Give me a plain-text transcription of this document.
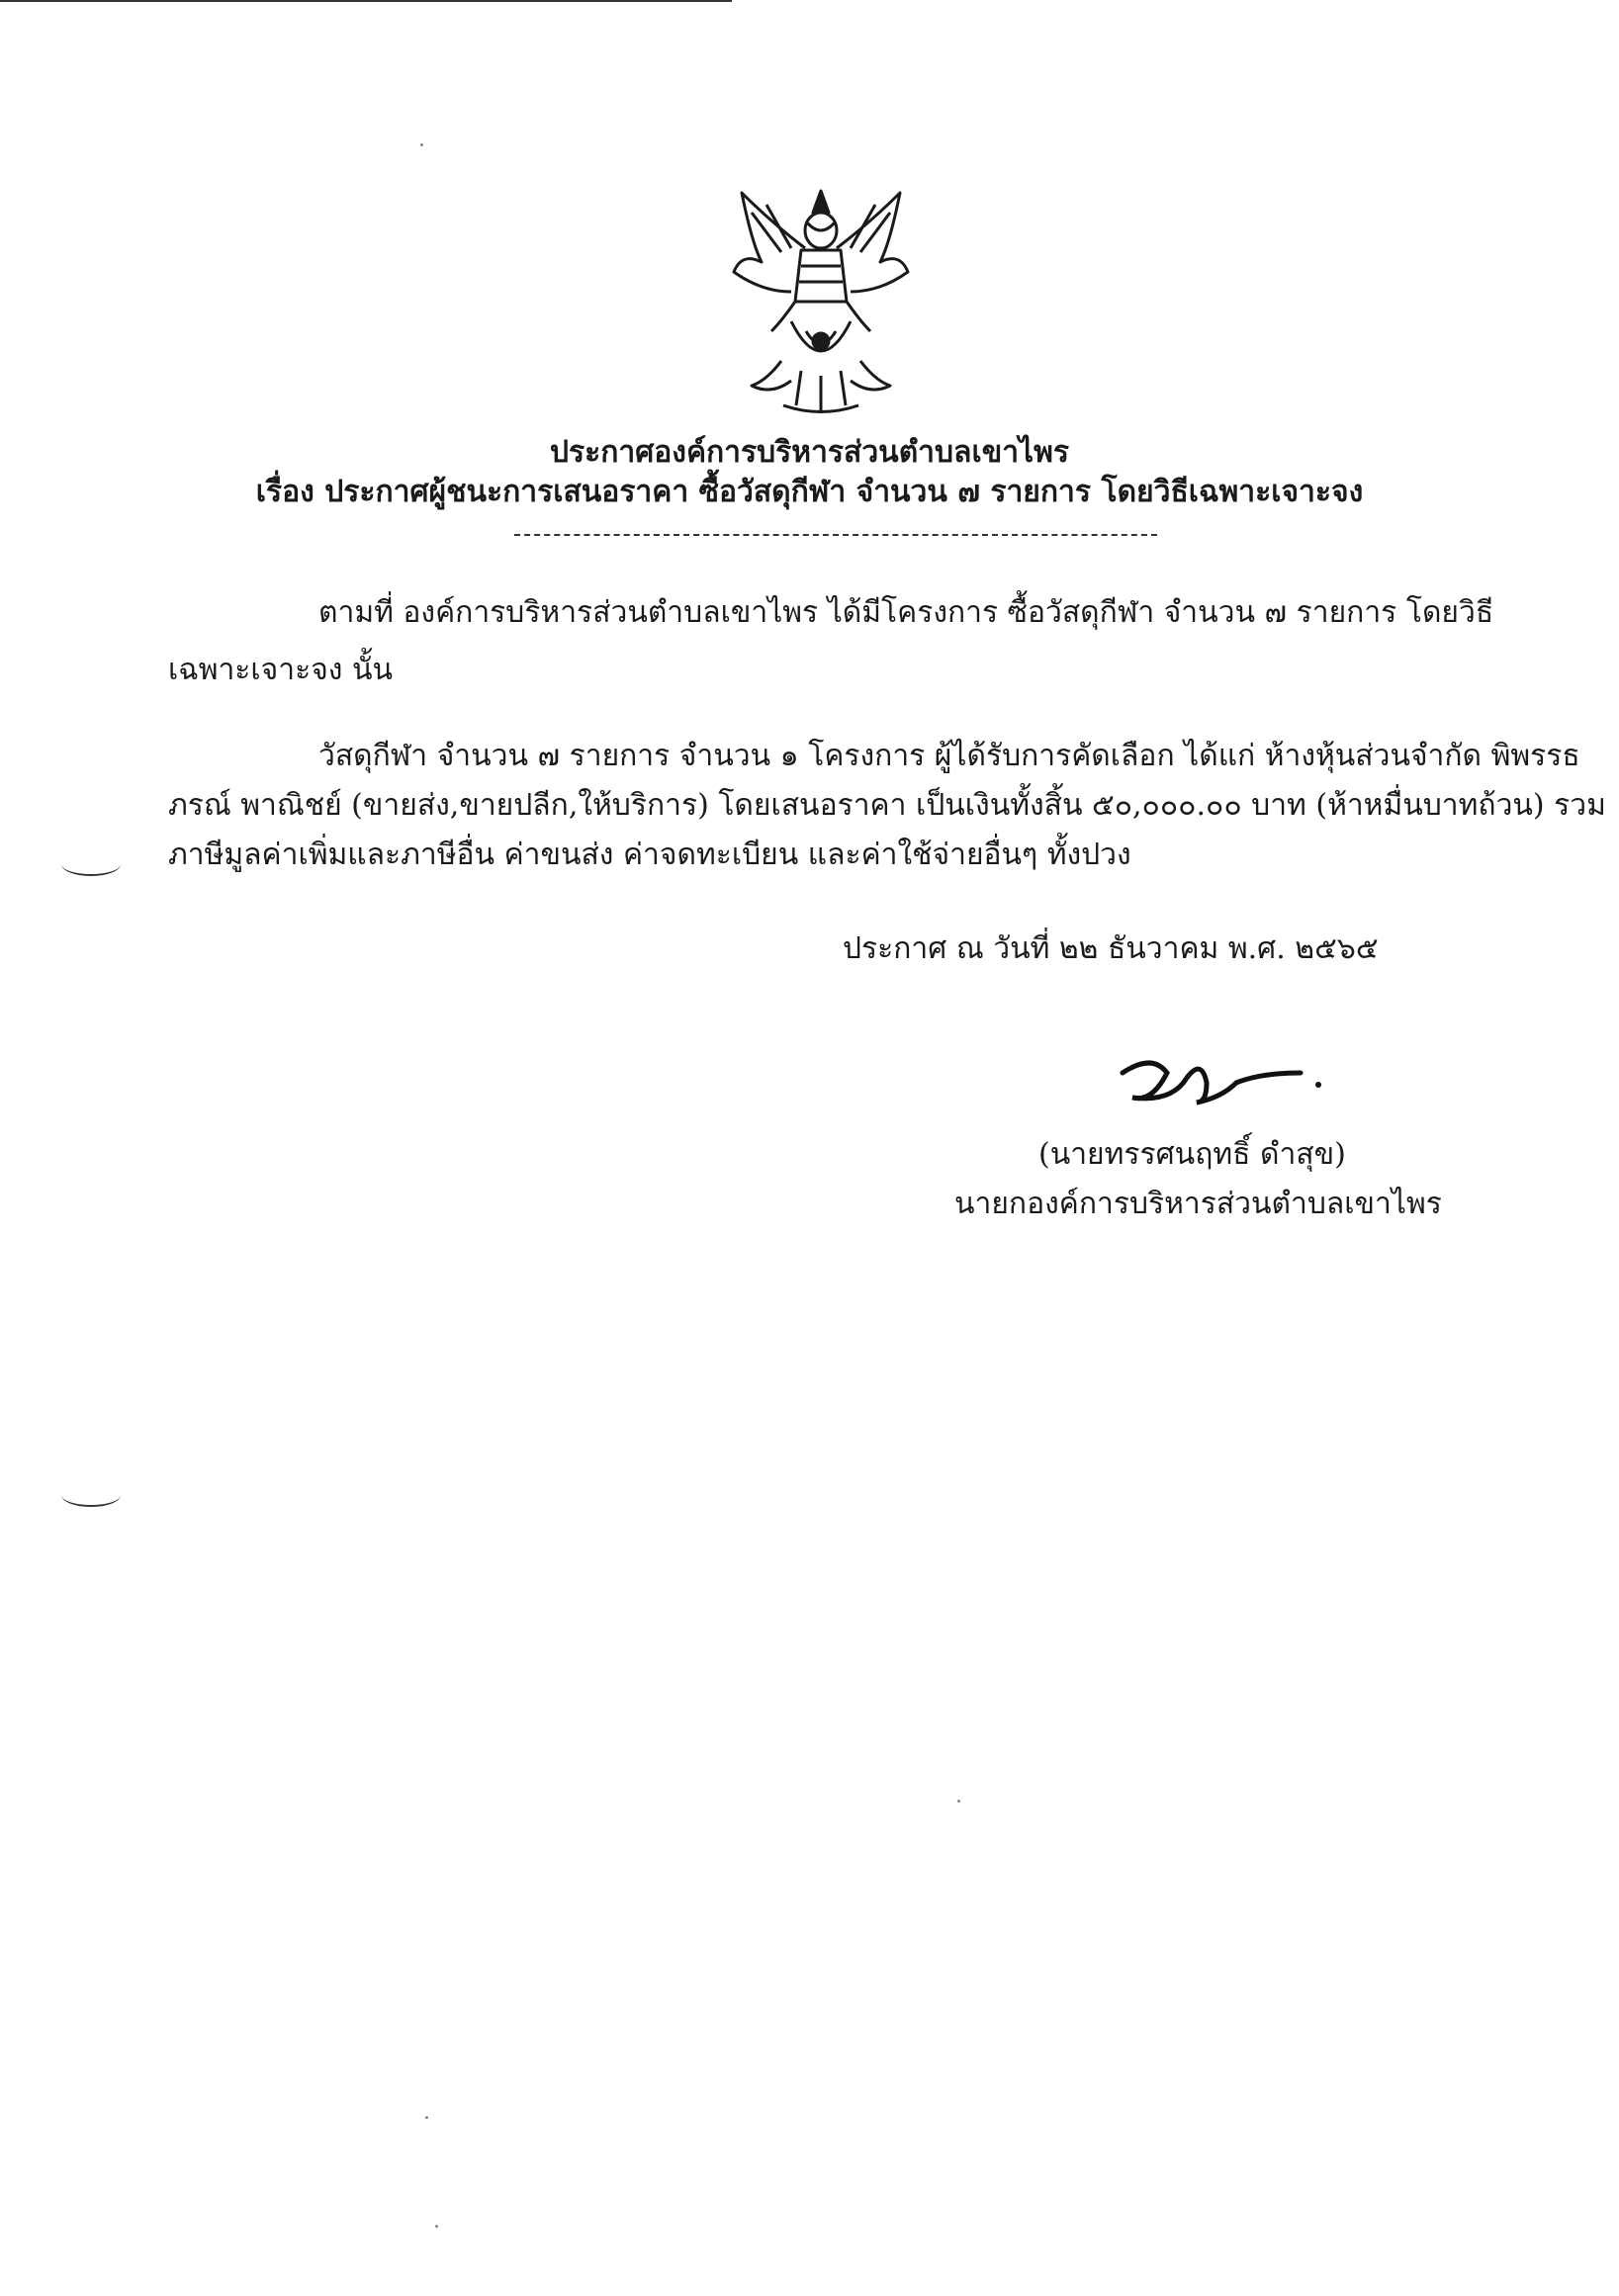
ประกาศองค์การบริหารส่วนตำบลเขาไพร
เรื่อง ประกาศผู้ชนะการเสนอราคา ซื้อวัสดุกีฬา จำนวน ๗ รายการ โดยวิธีเฉพาะเจาะจง
ตามที่ องค์การบริหารส่วนตำบลเขาไพร ได้มีโครงการ ซื้อวัสดุกีฬา จำนวน ๗ รายการ โดยวิธี
เฉพาะเจาะจง นั้น
วัสดุกีฬา จำนวน ๗ รายการ จำนวน ๑ โครงการ ผู้ได้รับการคัดเลือก ได้แก่ ห้างหุ้นส่วนจำกัด พิพรรธ
ภรณ์ พาณิชย์ (ขายส่ง,ขายปลีก,ให้บริการ) โดยเสนอราคา เป็นเงินทั้งสิ้น ๕๐,๐๐๐.๐๐ บาท (ห้าหมื่นบาทถ้วน) รวม
ภาษีมูลค่าเพิ่มและภาษีอื่น ค่าขนส่ง ค่าจดทะเบียน และค่าใช้จ่ายอื่นๆ ทั้งปวง
ประกาศ ณ วันที่ ๒๒ ธันวาคม พ.ศ. ๒๕๖๕
(นายทรรศนฤทธิ์ ดำสุข)
นายกองค์การบริหารส่วนตำบลเขาไพร
